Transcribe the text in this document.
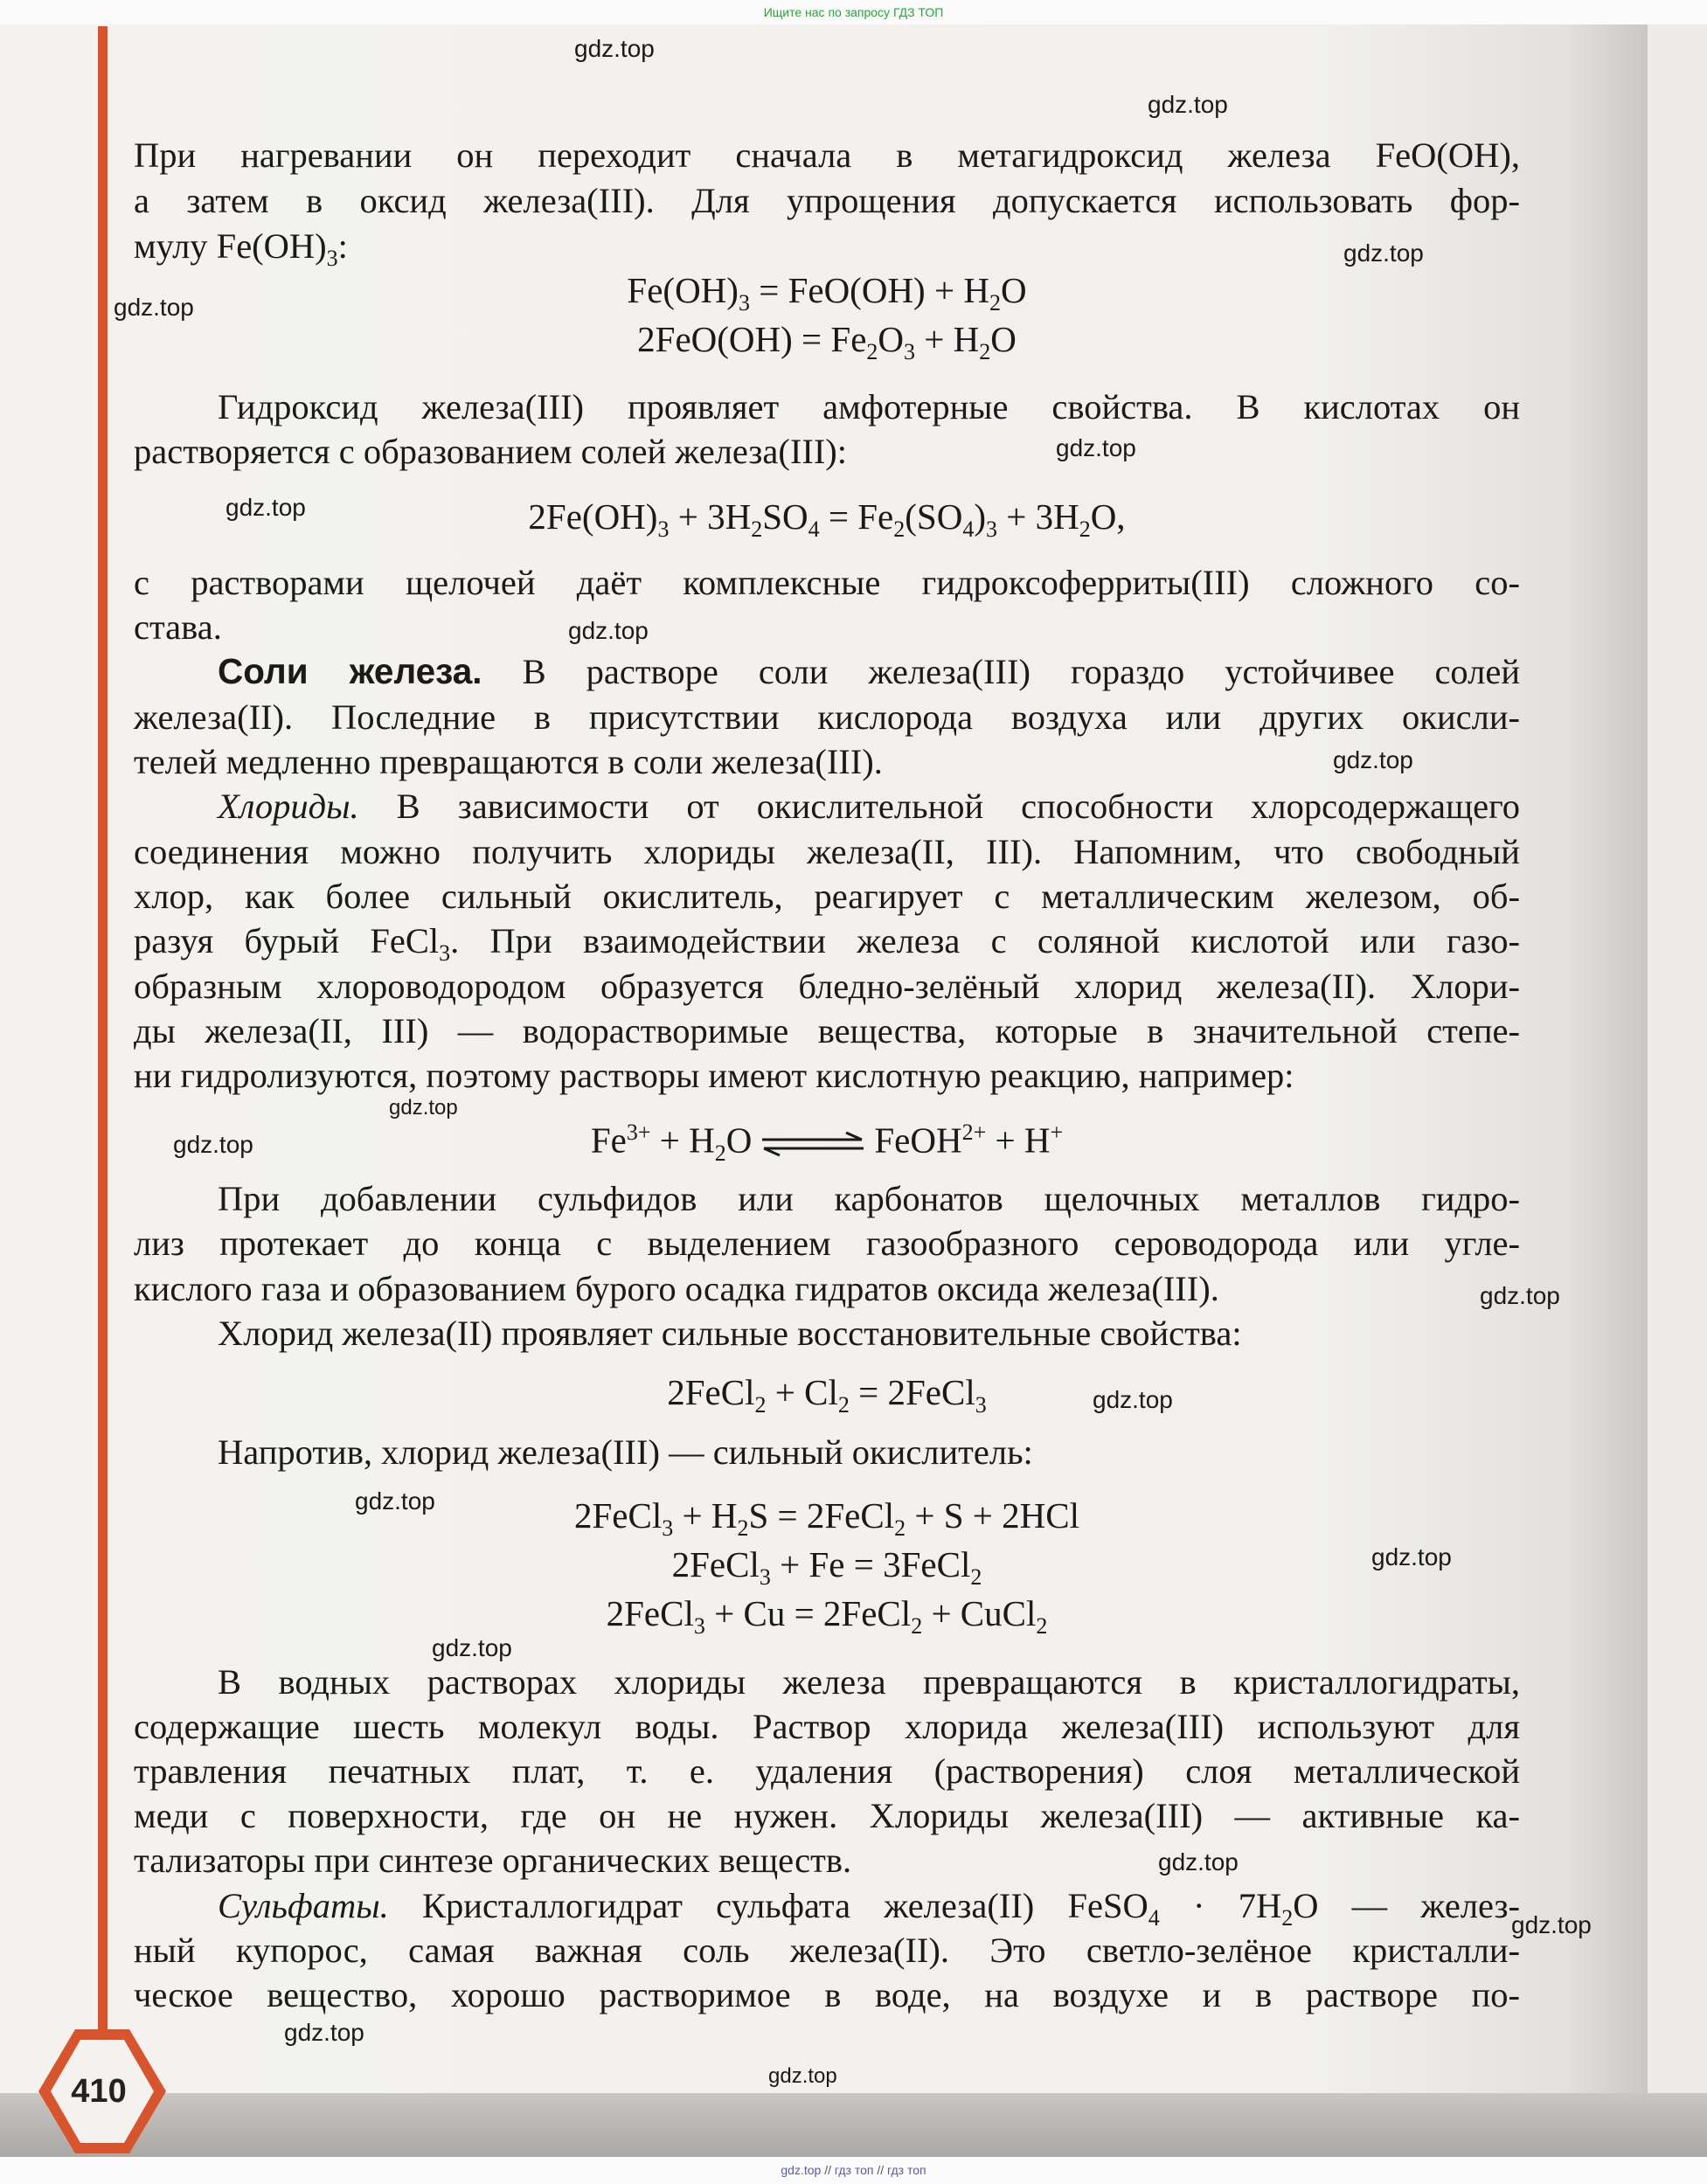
Ищите нас по запросу ГДЗ ТОП
410

При нагревании он переходит сначала в метагидроксид железа FeO(OH),

а затем в оксид железа(III). Для упрощения допускается использовать фор-

мулу $Fe(OH)_3$:

$Fe(OH)_3 = FeO(OH) + H_2O$

$2FeO(OH) = Fe_2O_3 + H_2O$

Гидроксид железа(III) проявляет амфотерные свойства. В кислотах он

растворяется с образованием солей железа(III):

$2Fe(OH)_3 + 3H_2SO_4 = Fe_2(SO_4)_3 + 3H_2O$,

с растворами щелочей даёт комплексные гидроксоферриты(III) сложного со-

става.

Соли железа. В растворе соли железа(III) гораздо устойчивее солей

железа(II). Последние в присутствии кислорода воздуха или других окисли-

телей медленно превращаются в соли железа(III).

Хлориды. В зависимости от окислительной способности хлорсодержащего

соединения можно получить хлориды железа(II, III). Напомним, что свободный

хлор, как более сильный окислитель, реагирует с металлическим железом, об-

разуя бурый FeCl$_3$. При взаимодействии железа с соляной кислотой или газо-

образным хлороводородом образуется бледно-зелёный хлорид железа(II). Хлори-

ды железа(II, III) — водорастворимые вещества, которые в значительной степе-

ни гидролизуются, поэтому растворы имеют кислотную реакцию, например:

$Fe^{3+} + H_2O$ ⇌ FeOH$^{2+}$ + H+

При добавлении сульфидов или карбонатов щелочных металлов гидро-

лиз протекает до конца с выделением газообразного сероводорода или угле-

кислого газа и образованием бурого осадка гидратов оксида железа(III).

Хлорид железа(II) проявляет сильные восстановительные свойства:

2FeCl$_2$ + $Cl_2$ = 2FeCl$_3$

Напротив, хлорид железа(III) — сильный окислитель:

2FeCl$_3$ + $H_2S$ = 2FeCl$_2$ + S + 2HCl

2FeCl$_3$ + Fe = 3FeCl$_2$

2FeCl$_3$ + Cu = 2FeCl$_2$ + CuCl$_2$

В водных растворах хлориды железа превращаются в кристаллогидраты,

содержащие шесть молекул воды. Раствор хлорида железа(III) используют для

травления печатных плат, т. е. удаления (растворения) слоя металлической

меди с поверхности, где он не нужен. Хлориды железа(III) — активные ка-

тализаторы при синтезе органических веществ.

Сульфаты. Кристаллогидрат сульфата железа(II) FeSO$_4$ · $7H_2O$ — желез-

ный купорос, самая важная соль железа(II). Это светло-зелёное кристалли-

ческое вещество, хорошо растворимое в воде, на воздухе и в растворе по-

gdz.top
gdz.top
gdz.top
gdz.top
gdz.top
gdz.top
gdz.top
gdz.top
gdz.top
gdz.top
gdz.top
gdz.top
gdz.top
gdz.top
gdz.top
gdz.top
gdz.top
gdz.top
gdz.top
gdz.top // гдз топ // гдз топ
